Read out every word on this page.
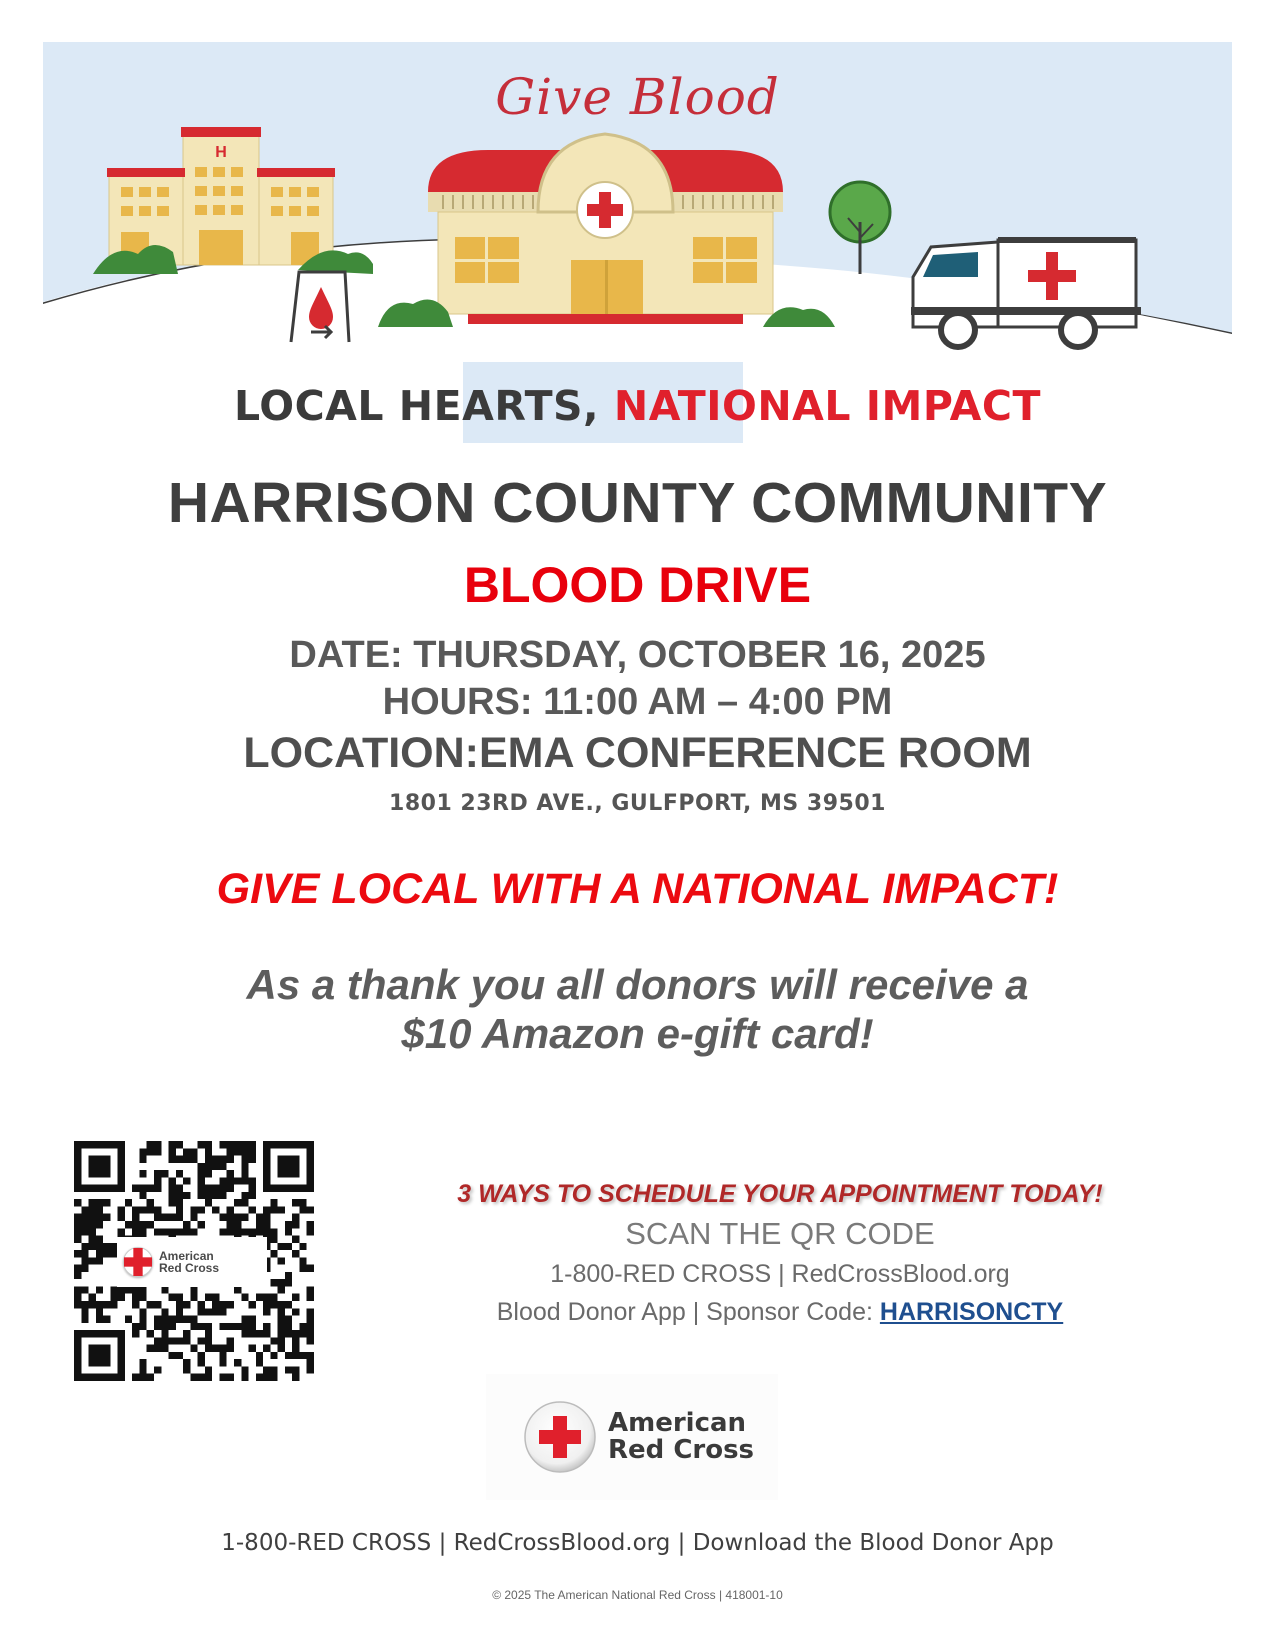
H
Give Blood
LOCAL HEARTS, NATIONAL IMPACT
HARRISON COUNTY COMMUNITY
BLOOD DRIVE
DATE: THURSDAY, OCTOBER 16, 2025
HOURS: 11:00 AM – 4:00 PM
LOCATION:EMA CONFERENCE ROOM
1801 23RD AVE., GULFPORT, MS 39501
GIVE LOCAL WITH A NATIONAL IMPACT!
As a thank you all donors will receive a
$10 Amazon e-gift card!
American
Red Cross
3 WAYS TO SCHEDULE YOUR APPOINTMENT TODAY!
SCAN THE QR CODE
1-800-RED CROSS | RedCrossBlood.org
Blood Donor App | Sponsor Code: HARRISONCTY
American
Red Cross
1-800-RED CROSS | RedCrossBlood.org | Download the Blood Donor App
© 2025 The American National Red Cross | 418001-10
